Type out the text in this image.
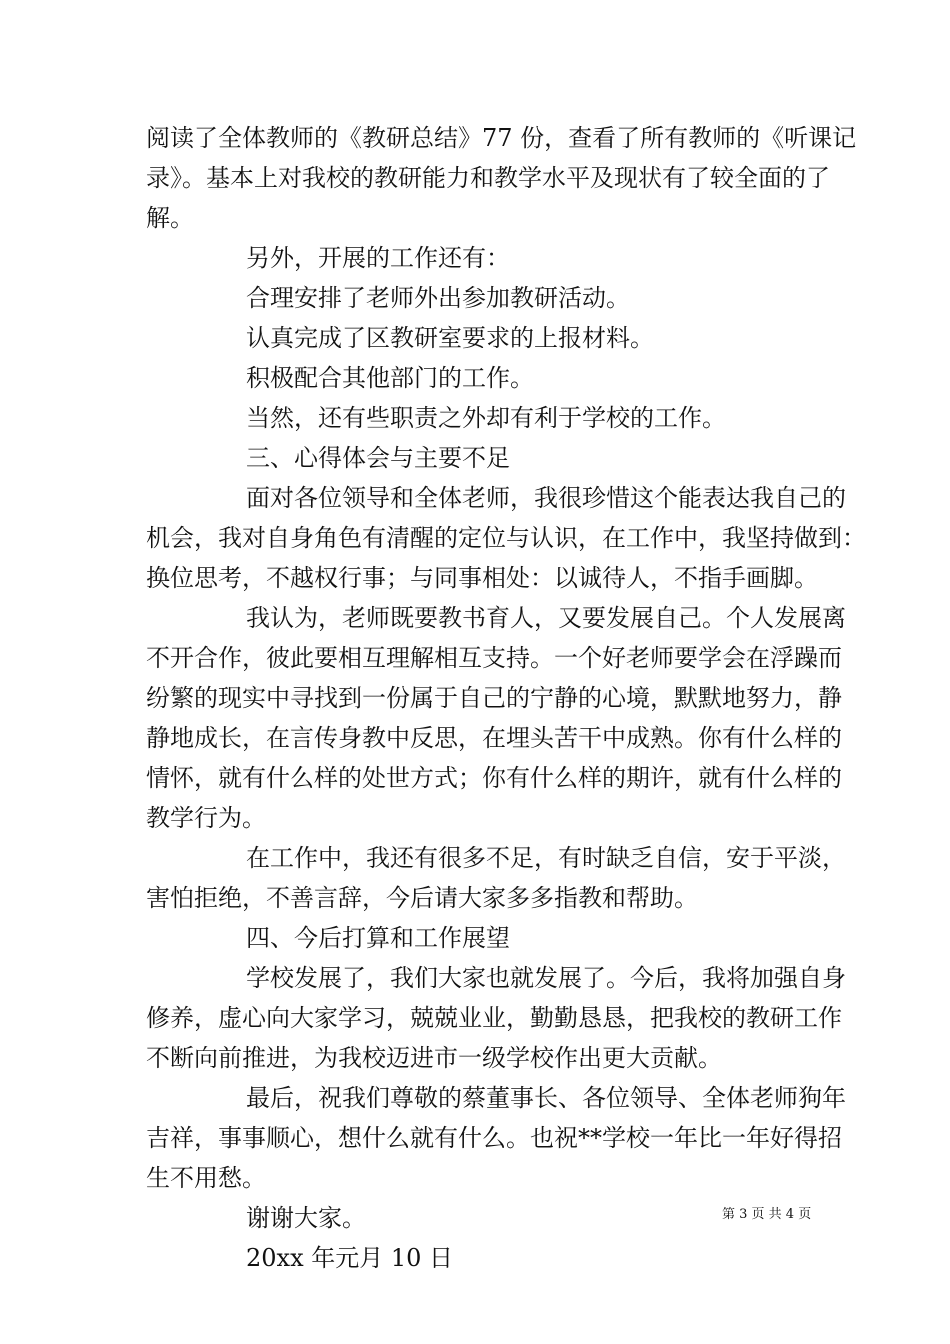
阅读了全体教师的《教研总结》77 份，查看了所有教师的《听课记
录》。基本上对我校的教研能力和教学水平及现状有了较全面的了
解。
另外，开展的工作还有：
合理安排了老师外出参加教研活动。
认真完成了区教研室要求的上报材料。
积极配合其他部门的工作。
当然，还有些职责之外却有利于学校的工作。
三、心得体会与主要不足
面对各位领导和全体老师，我很珍惜这个能表达我自己的
机会，我对自身角色有清醒的定位与认识，在工作中，我坚持做到：
换位思考，不越权行事；与同事相处：以诚待人，不指手画脚。
我认为，老师既要教书育人，又要发展自己。个人发展离
不开合作，彼此要相互理解相互支持。一个好老师要学会在浮躁而
纷繁的现实中寻找到一份属于自己的宁静的心境，默默地努力，静
静地成长，在言传身教中反思，在埋头苦干中成熟。你有什么样的
情怀，就有什么样的处世方式；你有什么样的期许，就有什么样的
教学行为。
在工作中，我还有很多不足，有时缺乏自信，安于平淡，
害怕拒绝，不善言辞，今后请大家多多指教和帮助。
四、今后打算和工作展望
学校发展了，我们大家也就发展了。今后，我将加强自身
修养，虚心向大家学习，兢兢业业，勤勤恳恳，把我校的教研工作
不断向前推进，为我校迈进市一级学校作出更大贡献。
最后，祝我们尊敬的蔡董事长、各位领导、全体老师狗年
吉祥，事事顺心，想什么就有什么。也祝**学校一年比一年好得招
生不用愁。
谢谢大家。
20xx 年元月 10 日
第 3 页 共 4 页
